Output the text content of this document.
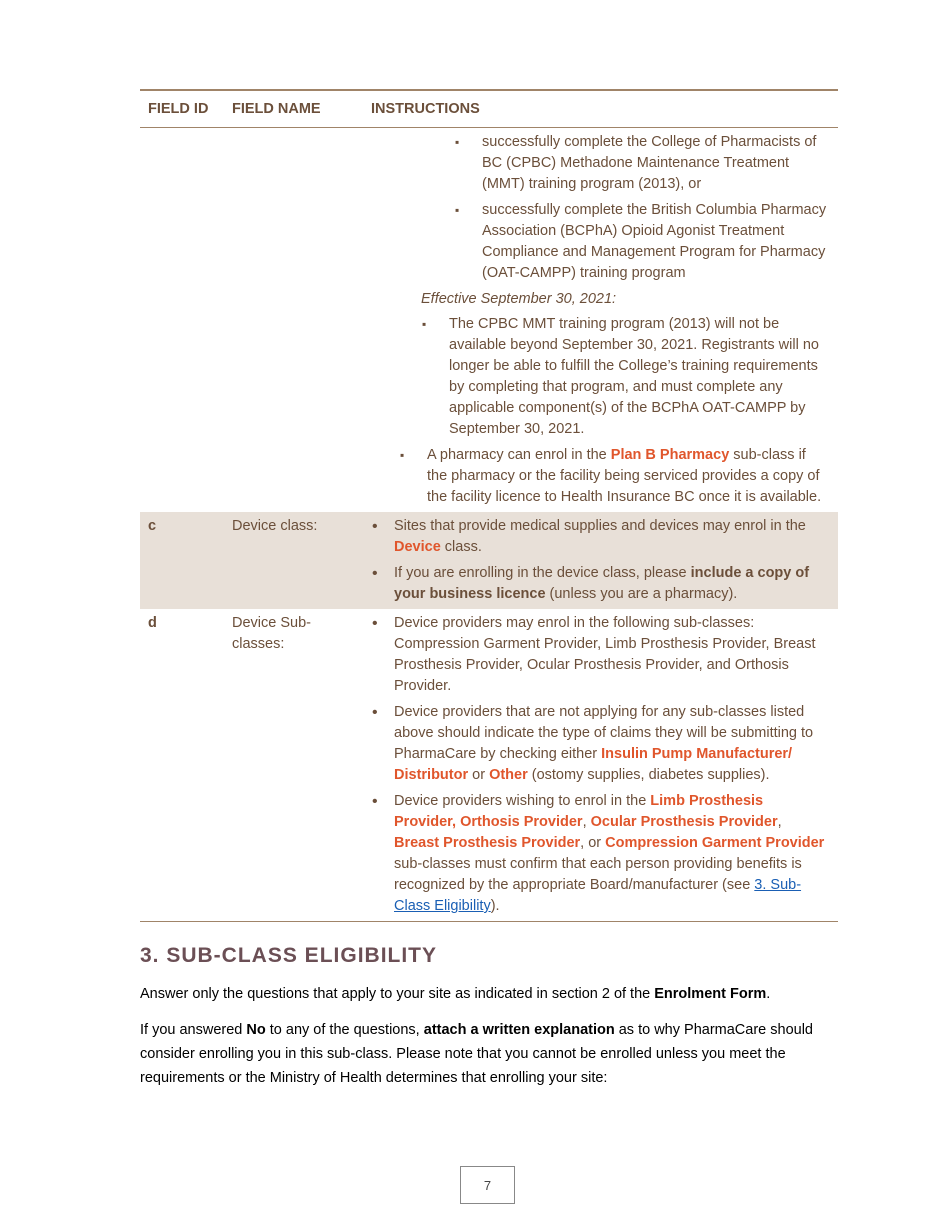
FIELD ID	FIELD NAME	INSTRUCTIONS
▪ successfully complete the College of Pharmacists of BC (CPBC) Methadone Maintenance Treatment (MMT) training program (2013), or
▪ successfully complete the British Columbia Pharmacy Association (BCPhA) Opioid Agonist Treatment Compliance and Management Program for Pharmacy (OAT-CAMPP) training program
Effective September 30, 2021:
▪ The CPBC MMT training program (2013) will not be available beyond September 30, 2021. Registrants will no longer be able to fulfill the College’s training requirements by completing that program, and must complete any applicable component(s) of the BCPhA OAT-CAMPP by September 30, 2021.
▪ A pharmacy can enrol in the Plan B Pharmacy sub-class if the pharmacy or the facility being serviced provides a copy of the facility licence to Health Insurance BC once it is available.
c	Device class:
•	Sites that provide medical supplies and devices may enrol in the Device class.
• If you are enrolling in the device class, please include a copy of your business licence (unless you are a pharmacy).
d	Device Sub-classes:
• Device providers may enrol in the following sub-classes: Compression Garment Provider, Limb Prosthesis Provider, Breast Prosthesis Provider, Ocular Prosthesis Provider, and Orthosis Provider.
• Device providers that are not applying for any sub-classes listed above should indicate the type of claims they will be submitting to PharmaCare by checking either Insulin Pump Manufacturer/ Distributor or Other (ostomy supplies, diabetes supplies).
• Device providers wishing to enrol in the Limb Prosthesis Provider, Orthosis Provider, Ocular Prosthesis Provider, Breast Prosthesis Provider, or Compression Garment Provider sub-classes must confirm that each person providing benefits is recognized by the appropriate Board/manufacturer (see 3. Sub-Class Eligibility).
3. SUB-CLASS ELIGIBILITY
Answer only the questions that apply to your site as indicated in section 2 of the Enrolment Form.
If you answered No to any of the questions, attach a written explanation as to why PharmaCare should consider enrolling you in this sub-class. Please note that you cannot be enrolled unless you meet the requirements or the Ministry of Health determines that enrolling your site:
7
